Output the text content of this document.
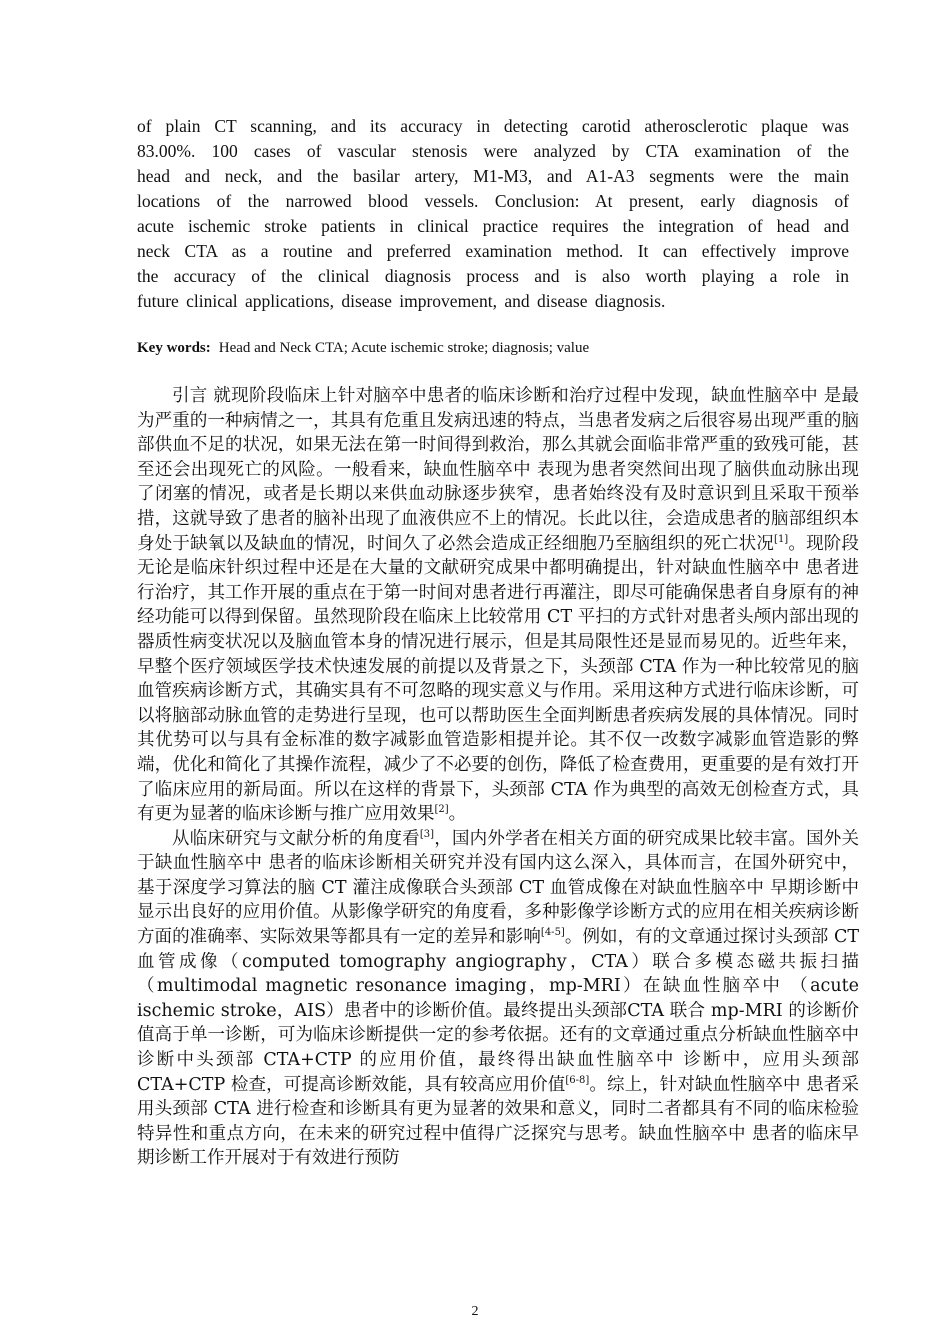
of plain CT scanning, and its accuracy in detecting carotid atherosclerotic plaque was
83.00%. 100 cases of vascular stenosis were analyzed by CTA examination of the
head and neck, and the basilar artery, M1-M3, and A1-A3 segments were the main
locations of the narrowed blood vessels. Conclusion: At present, early diagnosis of
acute ischemic stroke patients in clinical practice requires the integration of head and
neck CTA as a routine and preferred examination method. It can effectively improve
the accuracy of the clinical diagnosis process and is also worth playing a role in
future clinical applications, disease improvement, and disease diagnosis.
Key words: Head and Neck CTA; Acute ischemic stroke; diagnosis; value

引言 就现阶段临床上针对脑卒中患者的临床诊断和治疗过程中发现，缺血性脑卒中 是最为严重的一种病情之一，其具有危重且发病迅速的特点，当患者发病之后很容易出现严重的脑部供血不足的状况，如果无法在第一时间得到救治，那么其就会面临非常严重的致残可能，甚至还会出现死亡的风险。一般看来，缺血性脑卒中 表现为患者突然间出现了脑供血动脉出现了闭塞的情况，或者是长期以来供血动脉逐步狭窄，患者始终没有及时意识到且采取干预举措，这就导致了患者的脑补出现了血液供应不上的情况。长此以往，会造成患者的脑部组织本身处于缺氧以及缺血的情况，时间久了必然会造成正经细胞乃至脑组织的死亡状况[1]。现阶段无论是临床针织过程中还是在大量的文献研究成果中都明确提出，针对缺血性脑卒中 患者进行治疗，其工作开展的重点在于第一时间对患者进行再灌注，即尽可能确保患者自身原有的神经功能可以得到保留。虽然现阶段在临床上比较常用 CT 平扫的方式针对患者头颅内部出现的器质性病变状况以及脑血管本身的情况进行展示，但是其局限性还是显而易见的。近些年来，早整个医疗领域医学技术快速发展的前提以及背景之下，头颈部 CTA 作为一种比较常见的脑血管疾病诊断方式，其确实具有不可忽略的现实意义与作用。采用这种方式进行临床诊断，可以将脑部动脉血管的走势进行呈现，也可以帮助医生全面判断患者疾病发展的具体情况。同时其优势可以与具有金标准的数字减影血管造影相提并论。其不仅一改数字减影血管造影的弊端，优化和简化了其操作流程，减少了不必要的创伤，降低了检查费用，更重要的是有效打开了临床应用的新局面。所以在这样的背景下，头颈部 CTA 作为典型的高效无创检查方式，具有更为显著的临床诊断与推广应用效果[2]。

从临床研究与文献分析的角度看[3]，国内外学者在相关方面的研究成果比较丰富。国外关于缺血性脑卒中 患者的临床诊断相关研究并没有国内这么深入，具体而言，在国外研究中，基于深度学习算法的脑 CT 灌注成像联合头颈部 CT 血管成像在对缺血性脑卒中 早期诊断中显示出良好的应用价值。从影像学研究的角度看，多种影像学诊断方式的应用在相关疾病诊断方面的准确率、实际效果等都具有一定的差异和影响[4-5]。例如，有的文章通过探讨头颈部 CT 血管成像（computed tomography angiography，CTA）联合多模态磁共振扫描（multimodal magnetic resonance imaging，mp-MRI）在缺血性脑卒中 （acute ischemic stroke，AIS）患者中的诊断价值。最终提出头颈部CTA 联合 mp-MRI 的诊断价值高于单一诊断，可为临床诊断提供一定的参考依据。还有的文章通过重点分析缺血性脑卒中 诊断中头颈部 CTA+CTP 的应用价值，最终得出缺血性脑卒中 诊断中，应用头颈部 CTA+CTP 检查，可提高诊断效能，具有较高应用价值[6-8]。综上，针对缺血性脑卒中 患者采用头颈部 CTA 进行检查和诊断具有更为显著的效果和意义，同时二者都具有不同的临床检验特异性和重点方向，在未来的研究过程中值得广泛探究与思考。缺血性脑卒中 患者的临床早期诊断工作开展对于有效进行预防

2
